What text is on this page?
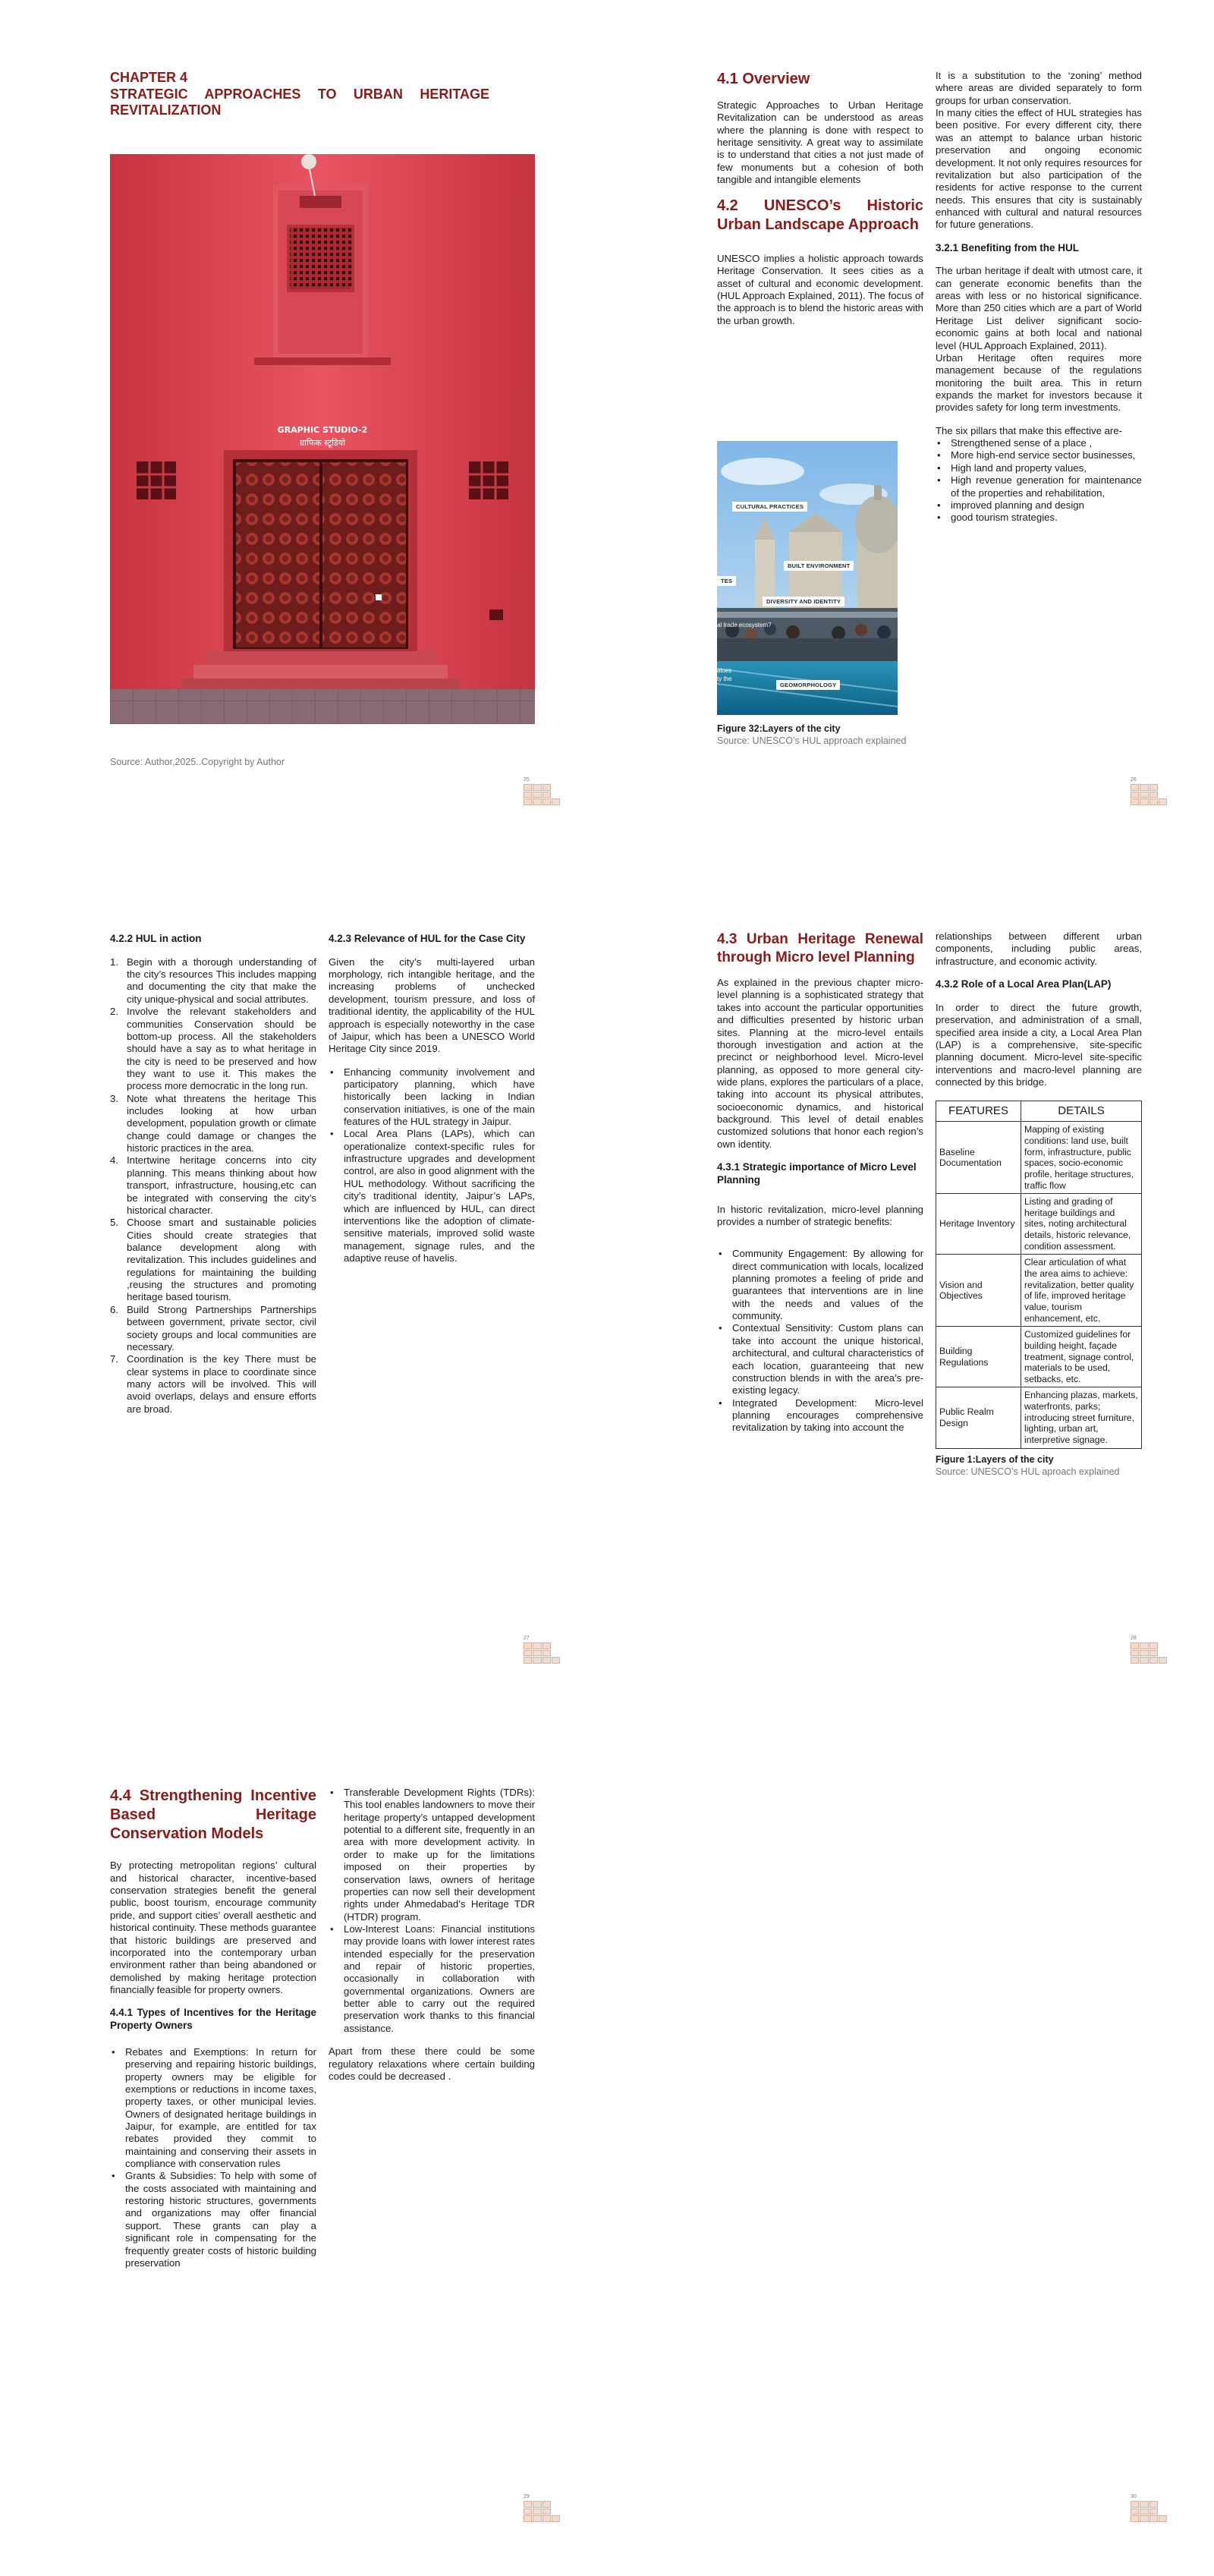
CHAPTER 4
STRATEGIC APPROACHES TO URBAN HERITAGE REVITALIZATION
GRAPHIC STUDIO-2
ग्राफिक स्टूडियो
Source: Author,2025..Copyright by Author
25
4.1 Overview

Strategic Approaches to Urban Heritage Revitalization can be understood as areas where the planning is done with respect to heritage sensitivity. A great way to assimilate is to understand that cities a not just made of few monuments but a cohesion of both tangible and intangible elements

4.2 UNESCO’s Historic Urban Landscape Approach

UNESCO implies a holistic approach towards Heritage Conservation. It sees cities as a asset of cultural and economic development.(HUL Approach Explained, 2011). The focus of the approach is to blend the historic areas with the urban growth.

CULTURAL PRACTICES
BUILT ENVIRONMENT
DIVERSITY AND IDENTITY
GEOMORPHOLOGY
TES
al trade ecosystem?
alues
ty the
Figure 32:Layers of the city
Source: UNESCO’s HUL approach explained
It is a substitution to the ‘zoning’ method where areas are divided separately to form groups for urban conservation.

In many cities the effect of HUL strategies has been positive. For every different city, there was an attempt to balance urban historic preservation and ongoing economic development. It not only requires resources for revitalization but also participation of the residents for active response to the current needs. This ensures that city is sustainably enhanced with cultural and natural resources for future generations.

3.2.1 Benefiting from the HUL
The urban heritage if dealt with utmost care, it can generate economic benefits than the areas with less or no historical significance. More than 250 cities which are a part of World Heritage List deliver significant socio-economic gains at both local and national level (HUL Approach Explained, 2011).

Urban Heritage often requires more management because of the regulations monitoring the built area. This in return expands the market for investors because it provides safety for long term investments.

The six pillars that make this effective are-
• Strengthened sense of a place ,
• More high-end service sector businesses,
• High land and property values,
• High revenue generation for maintenance of the properties and rehabilitation,
• improved planning and design
• good tourism strategies.
26
4.2.2 HUL in action
1. Begin with a thorough understanding of the city’s resources This includes mapping and documenting the city that make the city unique-physical and social attributes.
2. Involve the relevant stakeholders and communities Conservation should be bottom-up process. All the stakeholders should have a say as to what heritage in the city is need to be preserved and how they want to use it. This makes the process more democratic in the long run.
3. Note what threatens the heritage This includes looking at how urban development, population growth or climate change could damage or changes the historic practices in the area.
4. Intertwine heritage concerns into city planning. This means thinking about how transport, infrastructure, housing,etc can be integrated with conserving the city’s historical character.
5. Choose smart and sustainable policies Cities should create strategies that balance development along with revitalization. This includes guidelines and regulations for maintaining the building ,reusing the structures and promoting heritage based tourism.
6. Build Strong Partnerships Partnerships between government, private sector, civil society groups and local communities are necessary.
7. Coordination is the key There must be clear systems in place to coordinate since many actors will be involved. This will avoid overlaps, delays and ensure efforts are broad.
4.2.3 Relevance of HUL for the Case City

Given the city’s multi-layered urban morphology, rich intangible heritage, and the increasing problems of unchecked development, tourism pressure, and loss of traditional identity, the applicability of the HUL approach is especially noteworthy in the case of Jaipur, which has been a UNESCO World Heritage City since 2019.

• Enhancing community involvement and participatory planning, which have historically been lacking in Indian conservation initiatives, is one of the main features of the HUL strategy in Jaipur.
• Local Area Plans (LAPs), which can operationalize context-specific rules for infrastructure upgrades and development control, are also in good alignment with the HUL methodology. Without sacrificing the city’s traditional identity, Jaipur’s LAPs, which are influenced by HUL, can direct interventions like the adoption of climate-sensitive materials, improved solid waste management, signage rules, and the adaptive reuse of havelis.
27
4.3 Urban Heritage Renewal through Micro level Planning

As explained in the previous chapter micro-level planning is a sophisticated strategy that takes into account the particular opportunities and difficulties presented by historic urban sites. Planning at the micro-level entails thorough investigation and action at the precinct or neighborhood level. Micro-level planning, as opposed to more general city-wide plans, explores the particulars of a place, taking into account its physical attributes, socioeconomic dynamics, and historical background. This level of detail enables customized solutions that honor each region’s own identity.

4.3.1 Strategic importance of Micro Level Planning

In historic revitalization, micro-level planning provides a number of strategic benefits:

• Community Engagement: By allowing for direct communication with locals, localized planning promotes a feeling of pride and guarantees that interventions are in line with the needs and values of the community.
• Contextual Sensitivity: Custom plans can take into account the unique historical, architectural, and cultural characteristics of each location, guaranteeing that new construction blends in with the area’s pre-existing legacy.
• Integrated Development: Micro-level planning encourages comprehensive revitalization by taking into account the

relationships between different urban components, including public areas, infrastructure, and economic activity.

4.3.2 Role of a Local Area Plan(LAP)

In order to direct the future growth, preservation, and administration of a small, specified area inside a city, a Local Area Plan (LAP) is a comprehensive, site-specific planning document. Micro-level site-specific interventions and macro-level planning are connected by this bridge.

FEATURES	DETAILS
Baseline Documentation	Mapping of existing conditions: land use, built form, infrastructure, public spaces, socio-economic profile, heritage structures, traffic flow
Heritage Inventory	Listing and grading of heritage buildings and sites, noting architectural details, historic relevance, condition assessment.
Vision and Objectives	Clear articulation of what the area aims to achieve: revitalization, better quality of life, improved heritage value, tourism enhancement, etc.
Building Regulations	Customized guidelines for building height, façade treatment, signage control, materials to be used, setbacks, etc.
Public Realm Design	Enhancing plazas, markets, waterfronts, parks; introducing street furniture, lighting, urban art, interpretive signage.
Figure 1:Layers of the city
Source: UNESCO’s HUL aproach explained
28
4.4 Strengthening Incentive Based Heritage Conservation Models

By protecting metropolitan regions’ cultural and historical character, incentive-based conservation strategies benefit the general public, boost tourism, encourage community pride, and support cities’ overall aesthetic and historical continuity. These methods guarantee that historic buildings are preserved and incorporated into the contemporary urban environment rather than being abandoned or demolished by making heritage protection financially feasible for property owners.

4.4.1 Types of Incentives for the Heritage Property Owners
• Rebates and Exemptions: In return for preserving and repairing historic buildings, property owners may be eligible for exemptions or reductions in income taxes, property taxes, or other municipal levies. Owners of designated heritage buildings in Jaipur, for example, are entitled for tax rebates provided they commit to maintaining and conserving their assets in compliance with conservation rules
• Grants & Subsidies: To help with some of the costs associated with maintaining and restoring historic structures, governments and organizations may offer financial support. These grants can play a significant role in compensating for the frequently greater costs of historic building preservation
• Transferable Development Rights (TDRs): This tool enables landowners to move their heritage property’s untapped development potential to a different site, frequently in an area with more development activity. In order to make up for the limitations imposed on their properties by conservation laws, owners of heritage properties can now sell their development rights under Ahmedabad’s Heritage TDR (HTDR) program.
• Low-Interest Loans: Financial institutions may provide loans with lower interest rates intended especially for the preservation and repair of historic properties, occasionally in collaboration with governmental organizations. Owners are better able to carry out the required preservation work thanks to this financial assistance.

Apart from these there could be some regulatory relaxations where certain building codes could be decreased .

29	30
